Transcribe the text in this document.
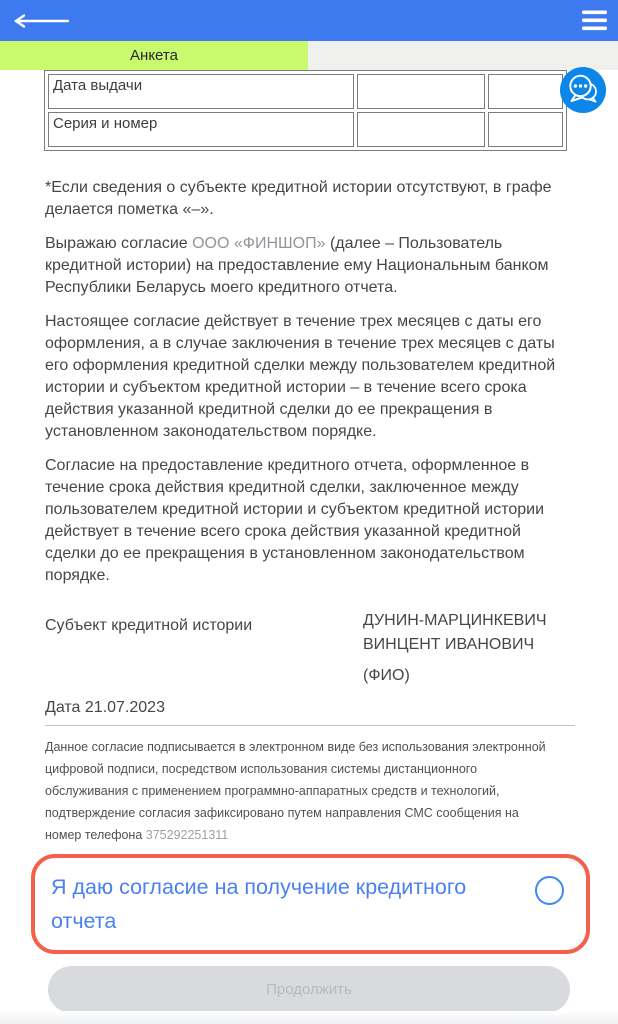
Анкета
Дата выдачи		
Серия и номер		

*Если сведения о субъекте кредитной истории отсутствуют, в графе делается пометка «–».

Выражаю согласие ООО «ФИНШОП» (далее – Пользователь кредитной истории) на предоставление ему Национальным банком Республики Беларусь моего кредитного отчета.

Настоящее согласие действует в течение трех месяцев с даты его оформления, а в случае заключения в течение трех месяцев с даты его оформления кредитной сделки между пользователем кредитной истории и субъектом кредитной истории – в течение всего срока действия указанной кредитной сделки до ее прекращения в установленном законодательством порядке.

Согласие на предоставление кредитного отчета, оформленное в течение срока действия кредитной сделки, заключенное между пользователем кредитной истории и субъектом кредитной истории действует в течение всего срока действия указанной кредитной сделки до ее прекращения в установленном законодательством порядке.

Субъект кредитной истории	ДУНИН-МАРЦИНКЕВИЧ ВИНЦЕНТ ИВАНОВИЧ
(ФИО)
Дата 21.07.2023

Данное согласие подписывается в электронном виде без использования электронной цифровой подписи, посредством использования системы дистанционного обслуживания с применением программно-аппаратных средств и технологий, подтверждение согласия зафиксировано путем направления СМС сообщения на номер телефона 375292251311

Я даю согласие на получение кредитного отчета
Продолжить
